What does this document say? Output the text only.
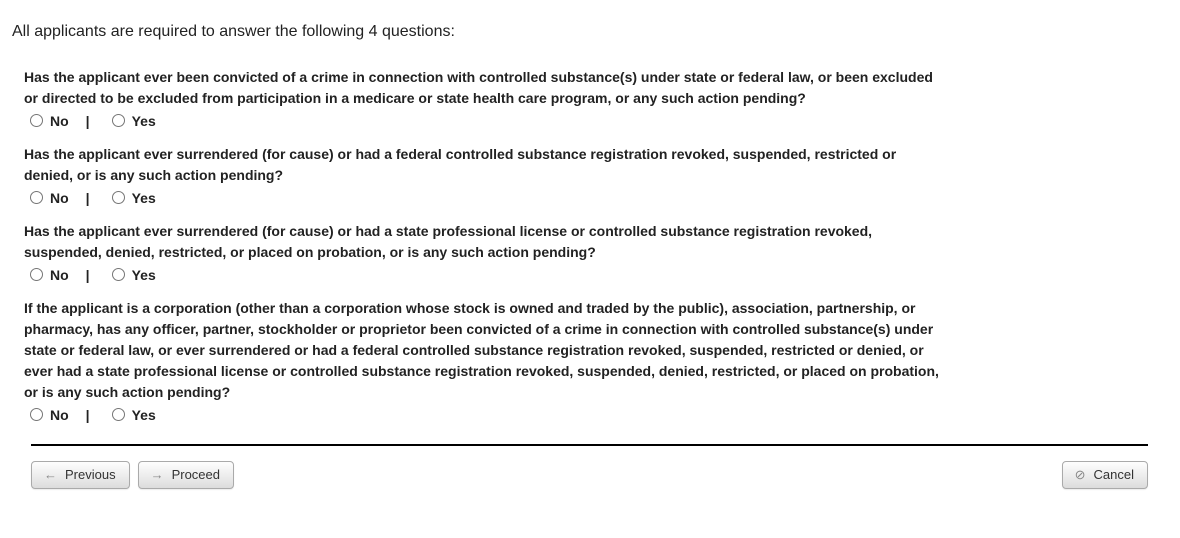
All applicants are required to answer the following 4 questions:
Has the applicant ever been convicted of a crime in connection with controlled substance(s) under state or federal law, or been excluded or directed to be excluded from participation in a medicare or state health care program, or any such action pending?
No |	Yes
Has the applicant ever surrendered (for cause) or had a federal controlled substance registration revoked, suspended, restricted or denied, or is any such action pending?
No |	Yes
Has the applicant ever surrendered (for cause) or had a state professional license or controlled substance registration revoked, suspended, denied, restricted, or placed on probation, or is any such action pending?
No |	Yes
If the applicant is a corporation (other than a corporation whose stock is owned and traded by the public), association, partnership, or pharmacy, has any officer, partner, stockholder or proprietor been convicted of a crime in connection with controlled substance(s) under state or federal law, or ever surrendered or had a federal controlled substance registration revoked, suspended, restricted or denied, or ever had a state professional license or controlled substance registration revoked, suspended, denied, restricted, or placed on probation, or is any such action pending?
No |	Yes
← Previous	→ Proceed	⊘ Cancel
